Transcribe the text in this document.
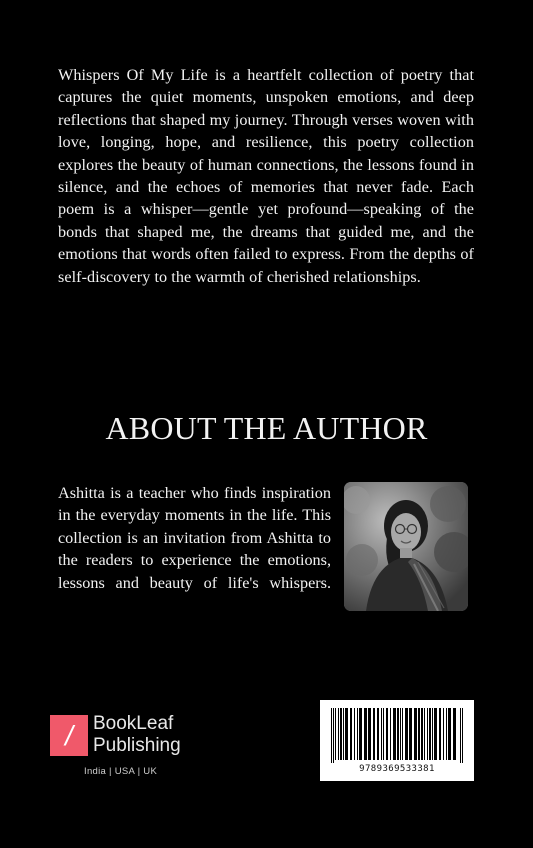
Whispers Of My Life is a heartfelt collection of poetry that captures the quiet moments, unspoken emotions, and deep reflections that shaped my journey. Through verses woven with love, longing, hope, and resilience, this poetry collection explores the beauty of human connections, the lessons found in silence, and the echoes of memories that never fade. Each poem is a whisper—gentle yet profound—speaking of the bonds that shaped me, the dreams that guided me, and the emotions that words often failed to express. From the depths of self-discovery to the warmth of cherished relationships.
ABOUT THE AUTHOR
Ashitta is a teacher who finds inspiration in the everyday moments in the life. This collection is an invitation from Ashitta to the readers to experience the emotions, lessons and beauty of life's whispers.
/	BookLeaf
Publishing
India | USA | UK	9789369533381
